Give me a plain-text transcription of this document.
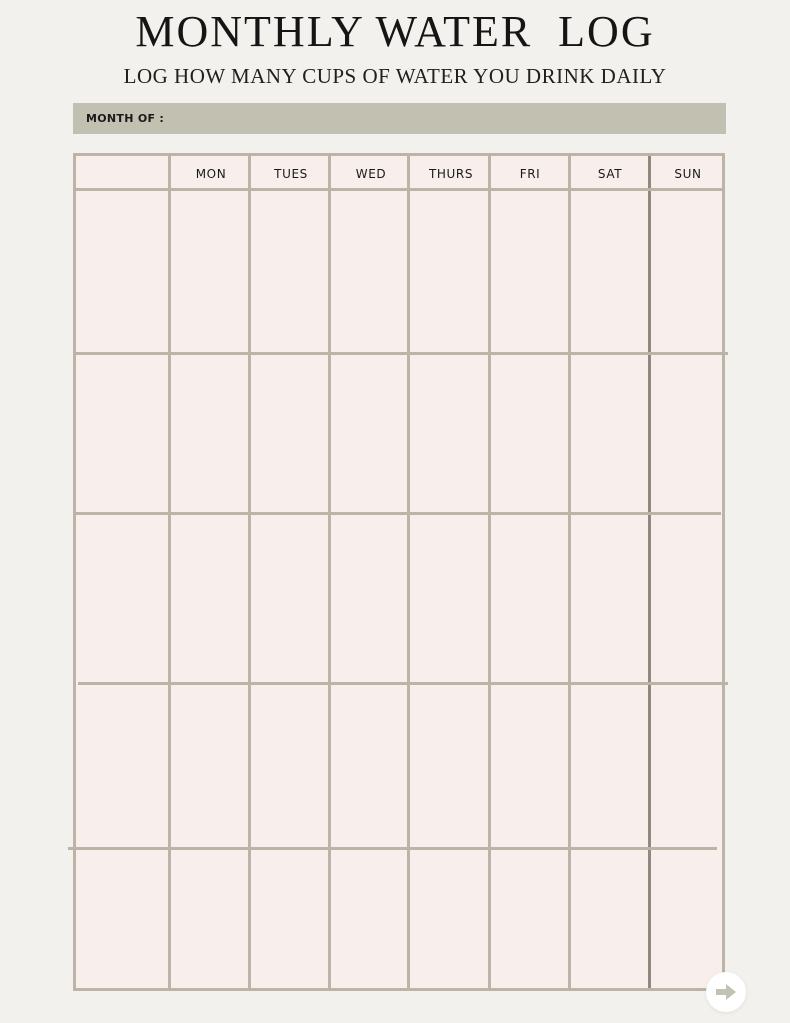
MONTHLY WATER  LOG
LOG HOW MANY CUPS OF WATER YOU DRINK DAILY
MONTH OF :
MON	TUES	WED	THURS	FRI	SAT	SUN
